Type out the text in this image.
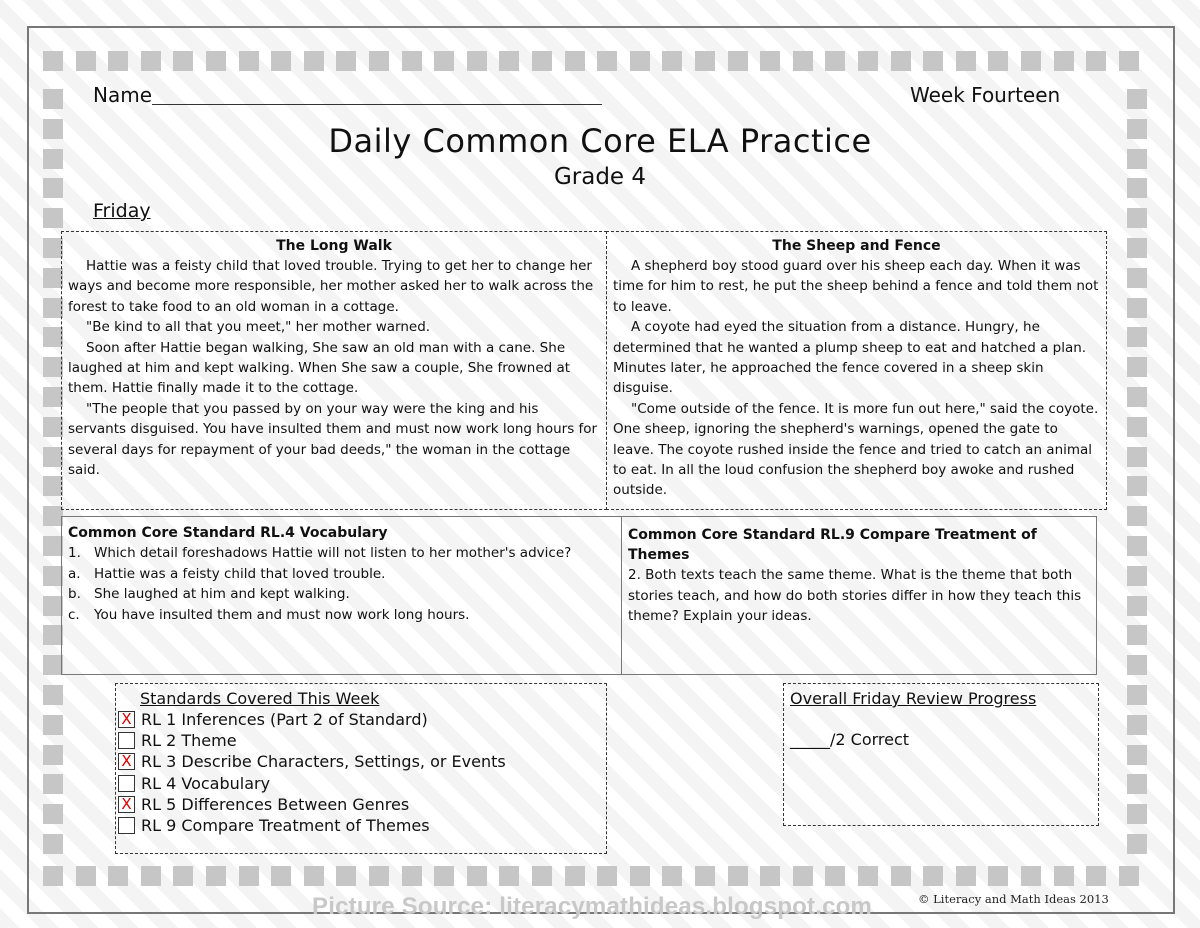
Name	Week Fourteen
Daily Common Core ELA Practice
Grade 4
Friday
The Long Walk

Hattie was a feisty child that loved trouble. Trying to get her to change her ways and become more responsible, her mother asked her to walk across the forest to take food to an old woman in a cottage.

"Be kind to all that you meet," her mother warned.

Soon after Hattie began walking, She saw an old man with a cane. She laughed at him and kept walking. When She saw a couple, She frowned at them. Hattie finally made it to the cottage.

"The people that you passed by on your way were the king and his servants disguised. You have insulted them and must now work long hours for several days for repayment of your bad deeds," the woman in the cottage said.

The Sheep and Fence

A shepherd boy stood guard over his sheep each day. When it was time for him to rest, he put the sheep behind a fence and told them not to leave.

A coyote had eyed the situation from a distance. Hungry, he determined that he wanted a plump sheep to eat and hatched a plan. Minutes later, he approached the fence covered in a sheep skin disguise.

"Come outside of the fence. It is more fun out here," said the coyote. One sheep, ignoring the shepherd's warnings, opened the gate to leave. The coyote rushed inside the fence and tried to catch an animal to eat. In all the loud confusion the shepherd boy awoke and rushed outside.

Common Core Standard RL.4 Vocabulary
1. Which detail foreshadows Hattie will not listen to her mother's advice?
a. Hattie was a feisty child that loved trouble.
b. She laughed at him and kept walking.
c.	You have insulted them and must now work long hours.
Common Core Standard RL.9 Compare Treatment of Themes
2. Both texts teach the same theme. What is the theme that both stories teach, and how do both stories differ in how they teach this theme? Explain your ideas.
Standards Covered This Week
X RL 1 Inferences (Part 2 of Standard)
RL 2 Theme
X RL 3 Describe Characters, Settings, or Events
RL 4 Vocabulary
X RL 5 Differences Between Genres
RL 9 Compare Treatment of Themes
Overall Friday Review Progress
_____/2 Correct
© Literacy and Math Ideas 2013
Picture Source: literacymathideas.blogspot.com
